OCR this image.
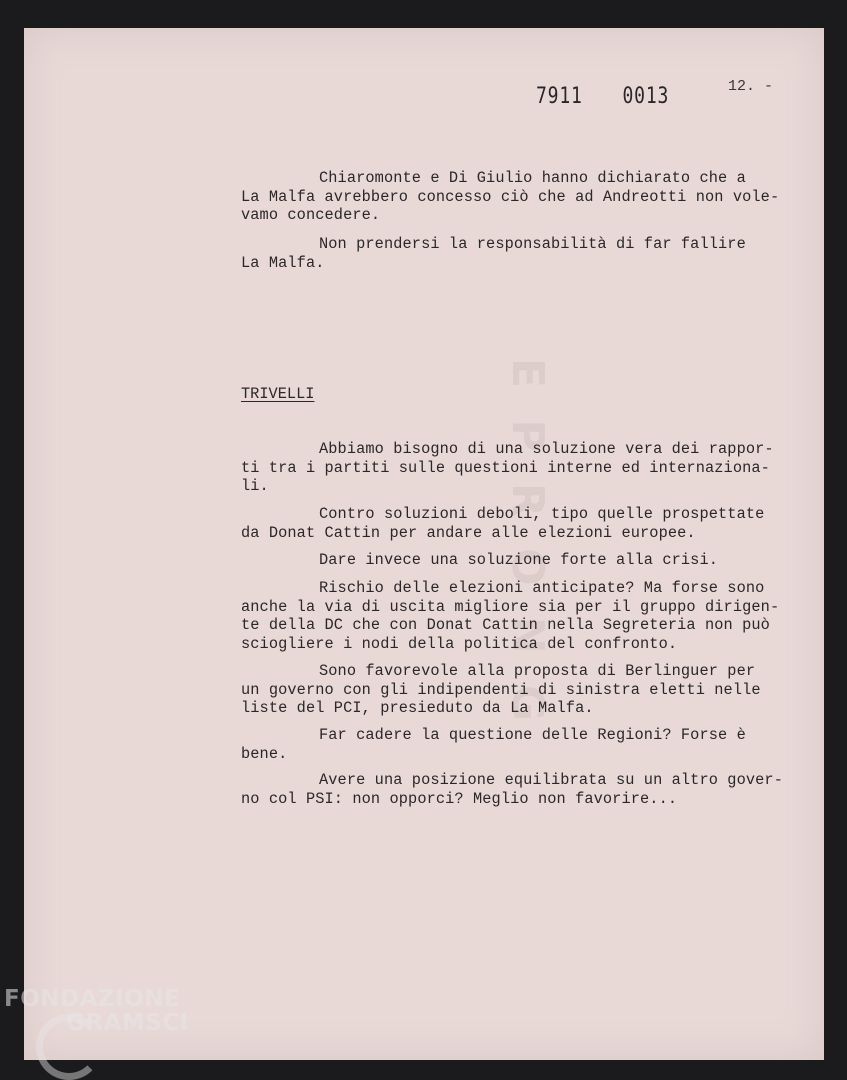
E P R O N G
7911  0013	12. -
Chiaromonte e Di Giulio hanno dichiarato che a
La Malfa avrebbero concesso ciò che ad Andreotti non vole-
vamo concedere.
Non prendersi la responsabilità di far fallire
La Malfa.
TRIVELLI
Abbiamo bisogno di una soluzione vera dei rappor-
ti tra i partiti sulle questioni interne ed internaziona-
li.
Contro soluzioni deboli, tipo quelle prospettate
da Donat Cattin per andare alle elezioni europee.
Dare invece una soluzione forte alla crisi.
Rischio delle elezioni anticipate? Ma forse sono
anche la via di uscita migliore sia per il gruppo dirigen-
te della DC che con Donat Cattin nella Segreteria non può
sciogliere i nodi della politica del confronto.
Sono favorevole alla proposta di Berlinguer per
un governo con gli indipendenti di sinistra eletti nelle
liste del PCI, presieduto da La Malfa.
Far cadere la questione delle Regioni? Forse è
bene.
Avere una posizione equilibrata su un altro gover-
no col PSI: non opporci? Meglio non favorire...
FONDAZIONE
GRAMSCI
onlus
